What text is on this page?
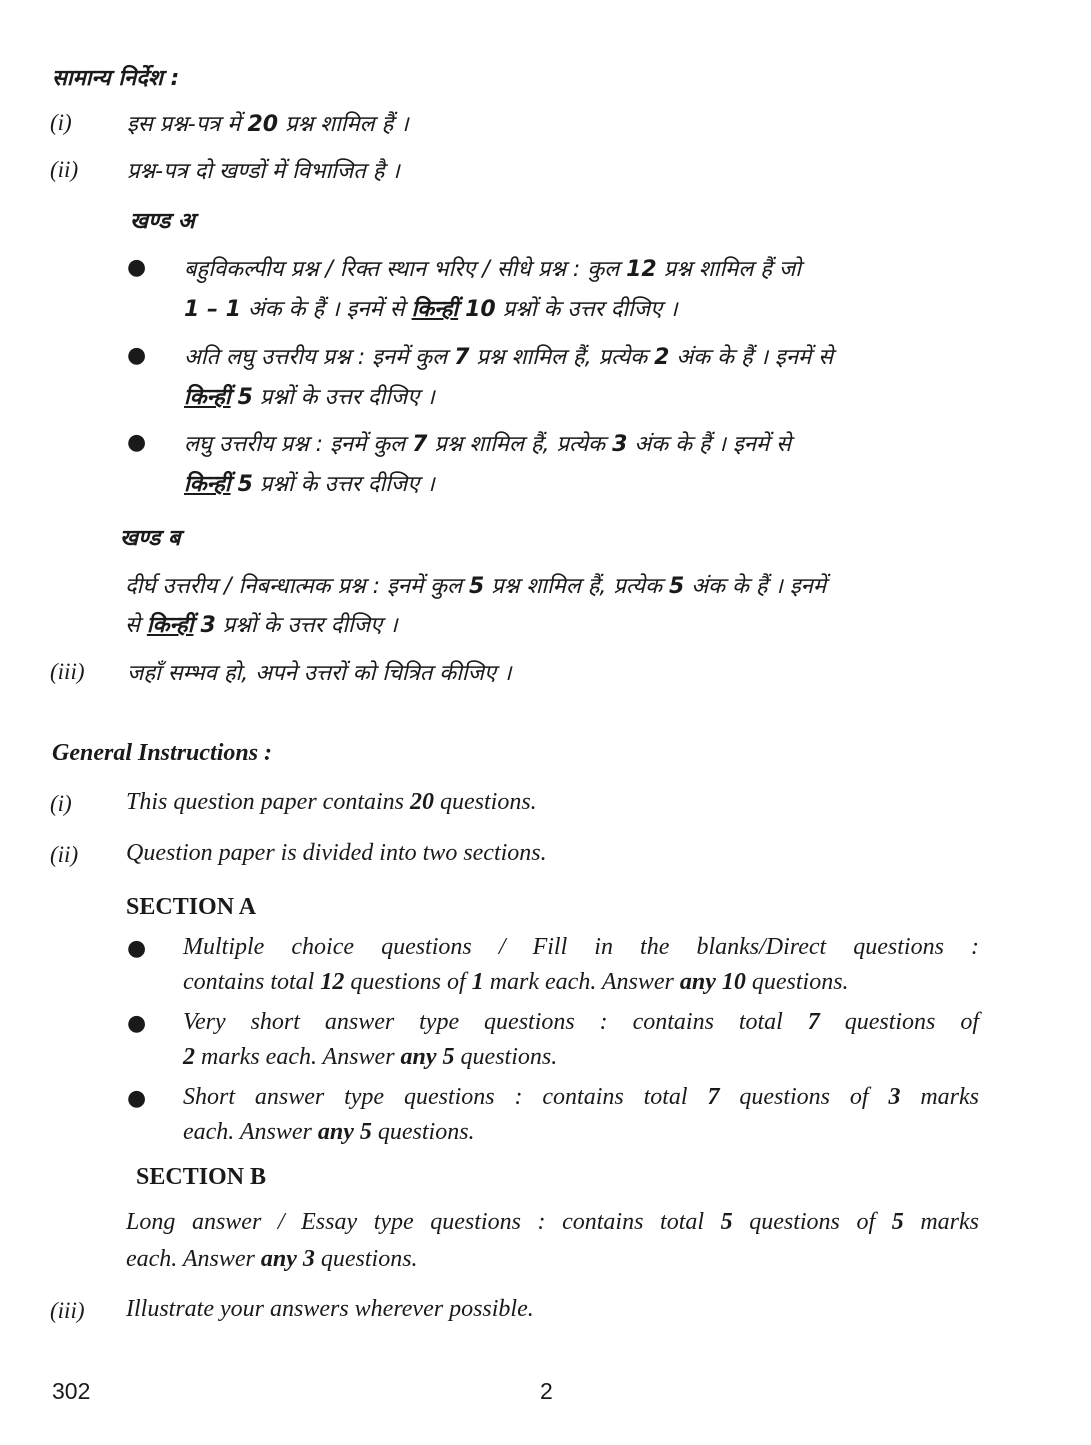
सामान्य निर्देश :
(i)	इस प्रश्न-पत्र में 20 प्रश्न शामिल हैं ।
(ii) प्रश्न-पत्र दो खण्डों में विभाजित है ।
खण्ड अ
● बहुविकल्पीय प्रश्न / रिक्त स्थान भरिए / सीधे प्रश्न : कुल 12 प्रश्न शामिल हैं जो
1 – 1 अंक के हैं । इनमें से किन्हीं 10 प्रश्नों के उत्तर दीजिए ।
● अति लघु उत्तरीय प्रश्न : इनमें कुल 7 प्रश्न शामिल हैं, प्रत्येक 2 अंक के हैं । इनमें से
किन्हीं 5 प्रश्नों के उत्तर दीजिए ।
● लघु उत्तरीय प्रश्न : इनमें कुल 7 प्रश्न शामिल हैं, प्रत्येक 3 अंक के हैं । इनमें से
किन्हीं 5 प्रश्नों के उत्तर दीजिए ।
खण्ड ब
दीर्घ उत्तरीय / निबन्धात्मक प्रश्न : इनमें कुल 5 प्रश्न शामिल हैं, प्रत्येक 5 अंक के हैं । इनमें
से किन्हीं 3 प्रश्नों के उत्तर दीजिए ।
(iii) जहाँ सम्भव हो, अपने उत्तरों को चित्रित कीजिए ।
General Instructions :
(i) This question paper contains 20 questions.
(ii) Question paper is divided into two sections.
SECTION A
● Multiple choice questions / Fill in the blanks/Direct questions :
contains total 12 questions of 1 mark each. Answer any 10 questions.
● Very short answer type questions : contains total 7 questions of
2 marks each. Answer any 5 questions.
● Short answer type questions : contains total 7 questions of 3 marks
each. Answer any 5 questions.
SECTION B
Long answer / Essay type questions : contains total 5 questions of 5 marks
each. Answer any 3 questions.
(iii) Illustrate your answers wherever possible.
302	2
